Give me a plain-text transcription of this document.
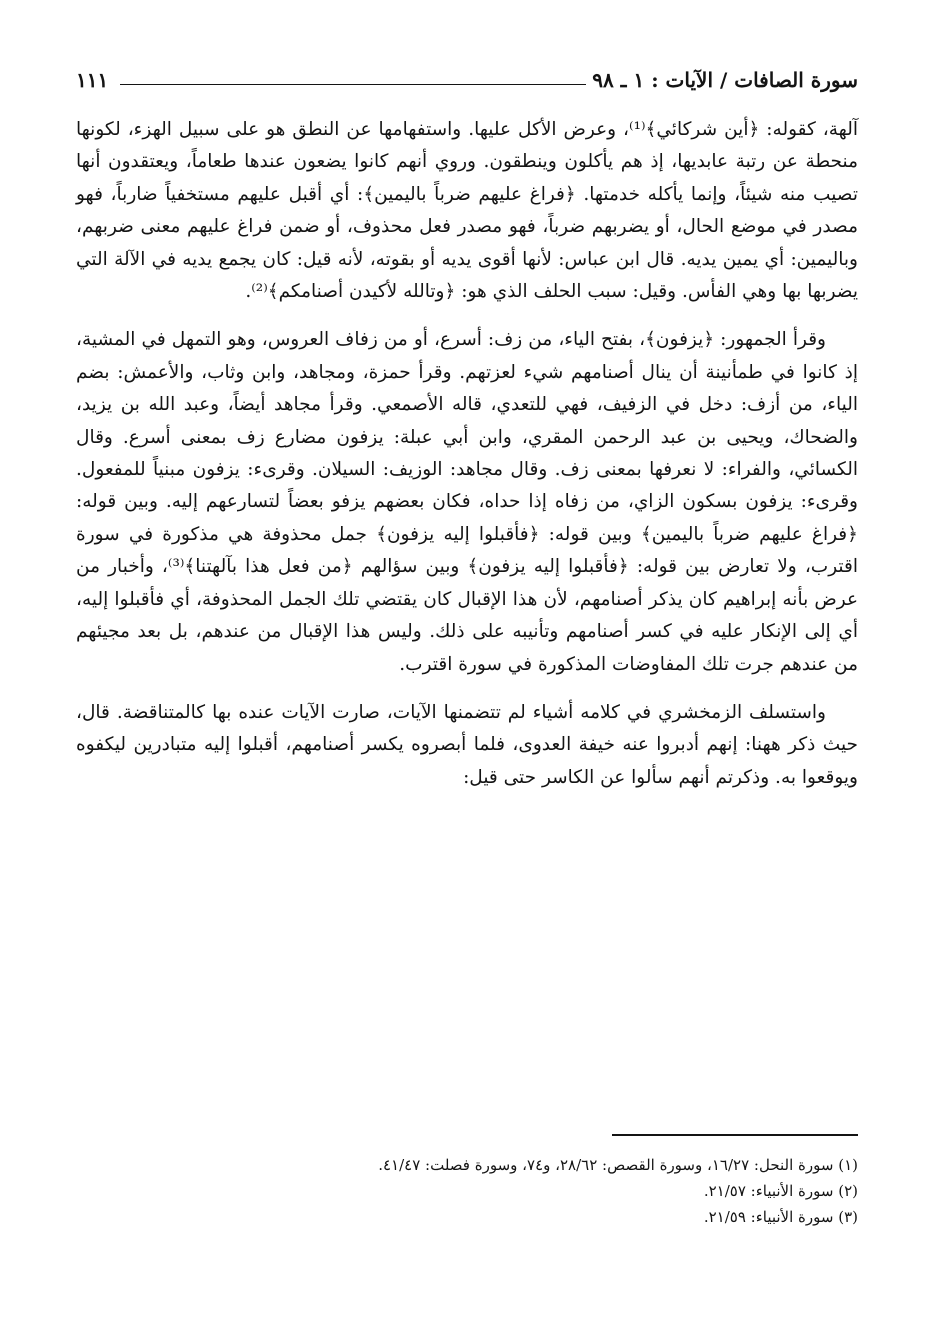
سورة الصافات / الآيات : ١ ـ ٩٨
١١١

آلهة، كقوله: ﴿أين شركائي﴾⁽¹⁾، وعرض الأكل عليها. واستفهامها عن النطق هو على سبيل الهزء، لكونها منحطة عن رتبة عابديها، إذ هم يأكلون وينطقون. وروي أنهم كانوا يضعون عندها طعاماً، ويعتقدون أنها تصيب منه شيئاً، وإنما يأكله خدمتها. ﴿فراغ عليهم ضرباً باليمين﴾: أي أقبل عليهم مستخفياً ضارباً، فهو مصدر في موضع الحال، أو يضربهم ضرباً، فهو مصدر فعل محذوف، أو ضمن فراغ عليهم معنى ضربهم، وباليمين: أي يمين يديه. قال ابن عباس: لأنها أقوى يديه أو بقوته، لأنه قيل: كان يجمع يديه في الآلة التي يضربها بها وهي الفأس. وقيل: سبب الحلف الذي هو: ﴿وتالله لأكيدن أصنامكم﴾⁽²⁾.

وقرأ الجمهور: ﴿يزفون﴾، بفتح الياء، من زف: أسرع، أو من زفاف العروس، وهو التمهل في المشية، إذ كانوا في طمأنينة أن ينال أصنامهم شيء لعزتهم. وقرأ حمزة، ومجاهد، وابن وثاب، والأعمش: بضم الياء، من أزف: دخل في الزفيف، فهي للتعدي، قاله الأصمعي. وقرأ مجاهد أيضاً، وعبد الله بن يزيد، والضحاك، ويحيى بن عبد الرحمن المقري، وابن أبي عبلة: يزفون مضارع زف بمعنى أسرع. وقال الكسائي، والفراء: لا نعرفها بمعنى زف. وقال مجاهد: الوزيف: السيلان. وقرىء: يزفون مبنياً للمفعول. وقرىء: يزفون بسكون الزاي، من زفاه إذا حداه، فكان بعضهم يزفو بعضاً لتسارعهم إليه. وبين قوله: ﴿فراغ عليهم ضرباً باليمين﴾ وبين قوله: ﴿فأقبلوا إليه يزفون﴾ جمل محذوفة هي مذكورة في سورة اقترب، ولا تعارض بين قوله: ﴿فأقبلوا إليه يزفون﴾ وبين سؤالهم ﴿من فعل هذا بآلهتنا﴾⁽³⁾، وأخبار من عرض بأنه إبراهيم كان يذكر أصنامهم، لأن هذا الإقبال كان يقتضي تلك الجمل المحذوفة، أي فأقبلوا إليه، أي إلى الإنكار عليه في كسر أصنامهم وتأنيبه على ذلك. وليس هذا الإقبال من عندهم، بل بعد مجيئهم من عندهم جرت تلك المفاوضات المذكورة في سورة اقترب.

واستسلف الزمخشري في كلامه أشياء لم تتضمنها الآيات، صارت الآيات عنده بها كالمتناقضة. قال، حيث ذكر ههنا: إنهم أدبروا عنه خيفة العدوى، فلما أبصروه يكسر أصنامهم، أقبلوا إليه متبادرين ليكفوه ويوقعوا به. وذكرتم أنهم سألوا عن الكاسر حتى قيل:

(١) سورة النحل: ١٦/٢٧، وسورة القصص: ٢٨/٦٢، و٧٤، وسورة فصلت: ٤١/٤٧.

(٢) سورة الأنبياء: ٢١/٥٧.

(٣) سورة الأنبياء: ٢١/٥٩.
